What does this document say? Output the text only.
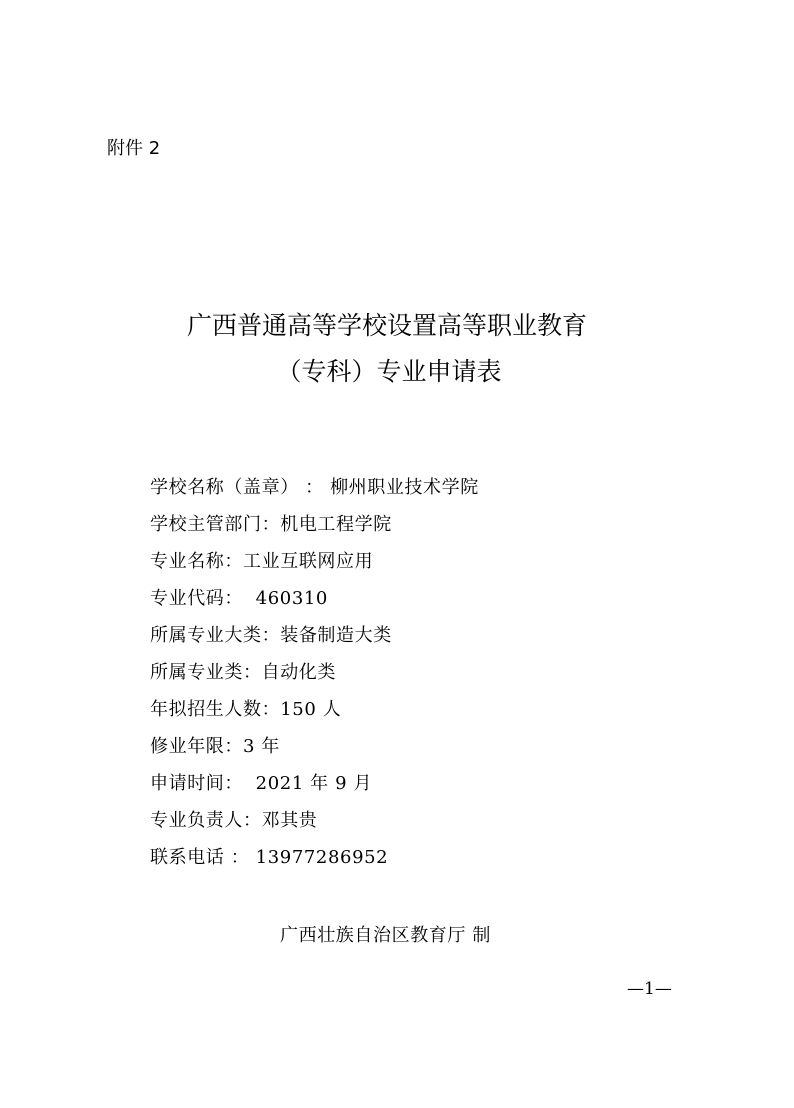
附件 2
广西普通高等学校设置高等职业教育
（专科）专业申请表
学校名称（盖章） ： 柳州职业技术学院
学校主管部门：机电工程学院
专业名称：工业互联网应用
专业代码：  460310
所属专业大类：装备制造大类
所属专业类：自动化类
年拟招生人数：150 人
修业年限：3 年
申请时间：  2021 年 9 月
专业负责人：邓其贵
联系电话 ： 13977286952
广西壮族自治区教育厅 制
—1—
